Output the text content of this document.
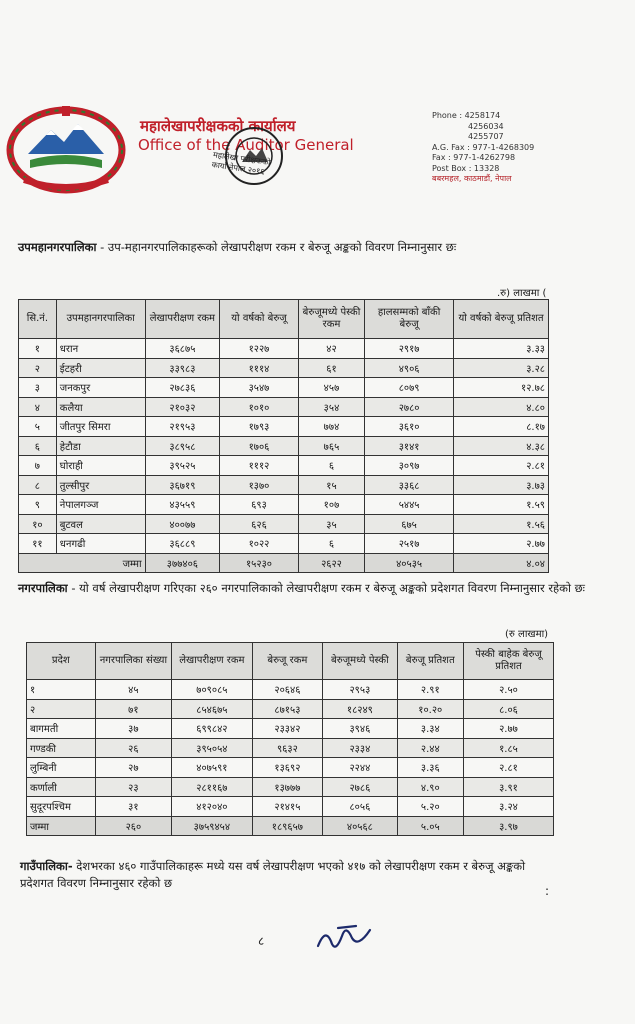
महालेखापरीक्षकको कार्यालय
Office of the Auditor General
महालेखा परीक्षकको कार्या नेपाल २०१६
Phone : 4258174
4256034
4255707
A.G. Fax : 977-1-4268309
Fax : 977-1-4262798
Post Box : 13328
बबरमहल, काठमाडौं, नेपाल
उपमहानगरपालिका - उप-महानगरपालिकाहरूको लेखापरीक्षण रकम र बेरुजू अङ्कको विवरण निम्नानुसार छः
.रु) लाखमा (
सि.नं.	उपमहानगरपालिका	लेखापरीक्षण रकम	यो वर्षको बेरुजू	बेरुजूमध्ये पेस्की रकम	हालसम्मको बाँकी बेरुजू	यो वर्षको बेरुजू प्रतिशत
१	धरान	३६८७५	१२२७	४२	२९१७	३.३३
२	ईटहरी	३३९८३	१११४	६१	४९०६	३.२८
३	जनकपुर	२७८३६	३५४७	४५७	८०७९	१२.७८
४	कलैया	२१०३२	१०१०	३५४	२७८०	४.८०
५	जीतपुर सिमरा	२१९५३	१७९३	७७४	३६१०	८.१७
६	हेटौडा	३८९५८	१७०६	७६५	३१४१	४.३८
७	घोराही	३९५२५	१११२	६	३०९७	२.८१
८	तुल्सीपुर	३६७१९	१३७०	१५	३३६८	३.७३
९	नेपालगञ्ज	४३५५९	६९३	१०७	५४४५	१.५९
१०	बुटवल	४००७७	६२६	३५	६७५	१.५६
११	धनगढी	३६८८९	१०२२	६	२५१७	२.७७
जम्मा		३७७४०६	१५२३०	२६२२	४०५३५	४.०४
नगरपालिका - यो वर्ष लेखापरीक्षण गरिएका २६० नगरपालिकाको लेखापरीक्षण रकम र बेरुजू अङ्कको प्रदेशगत विवरण निम्नानुसार रहेको छः
(रु लाखमा)
प्रदेश	नगरपालिका संख्या	लेखापरीक्षण रकम	बेरुजू रकम	बेरुजूमध्ये पेस्की	बेरुजू प्रतिशत	पेस्की बाहेक बेरुजू प्रतिशत
१	४५	७०९०८५	२०६४६	२९५३	२.९१	२.५०
२	७१	८५४६७५	८७१५३	१८२४९	१०.२०	८.०६
बागमती	३७	६९९८४२	२३३४२	३९४६	३.३४	२.७७
गण्डकी	२६	३९५०५४	९६३२	२३३४	२.४४	१.८५
लुम्बिनी	२७	४०७५९१	१३६९२	२२४४	३.३६	२.८१
कर्णाली	२३	२८११६७	१३७७७	२७८६	४.९०	३.९१
सुदूरपश्चिम	३१	४१२०४०	२१४१५	८०५६	५.२०	३.२४
जम्मा	२६०	३७५९४५४	१८९६५७	४०५६८	५.०५	३.९७
गाउँपालिका- देशभरका ४६० गाउँपालिकाहरू मध्ये यस वर्ष लेखापरीक्षण भएको ४१७ को लेखापरीक्षण रकम र बेरुजू अङ्कको प्रदेशगत विवरण निम्नानुसार रहेको छ
:
८
